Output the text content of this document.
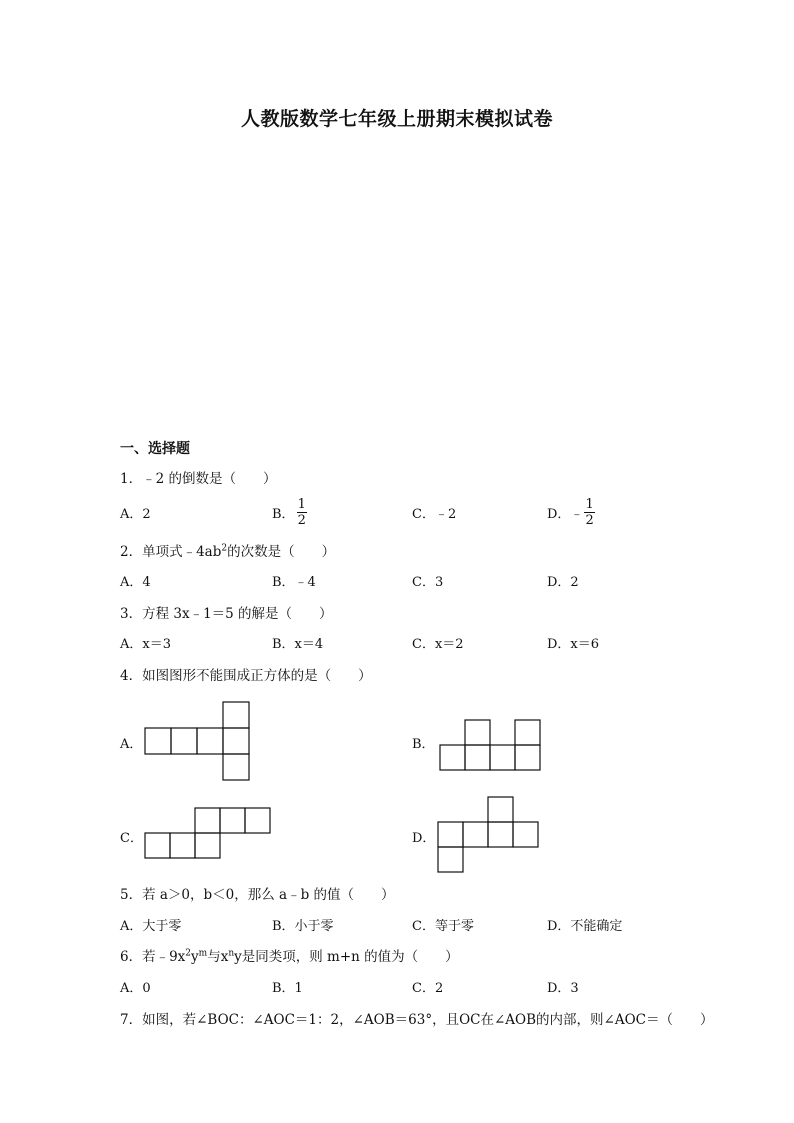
人教版数学七年级上册期末模拟试卷
一、选择题
1．﹣2 的倒数是（　　）
A．2	B． $\frac{1}{2}$	C．﹣2	D．﹣ $\frac{1}{2}$
2．单项式$﹣4ab^2$的次数是（　　）
A．4	B．﹣4	C．3	D．2
3．方程 3x﹣1＝5 的解是（　　）
A．x＝3	B．x＝4	C．x＝2	D．x＝6
4．如图图形不能围成正方体的是（　　）
A．	B．
C．	D．
5．若 a＞0，b＜0，那么 a﹣b 的值（　　）
A．大于零	B．小于零	C．等于零	D．不能确定
6．若$﹣9x^2y^m$与$x^ny$是同类项，则 m+n 的值为（　　）
A．0	B．1	C．2	D．3
7．如图，若∠BOC：∠AOC＝1：2，∠AOB＝63°，且OC在∠AOB的内部，则∠AOC＝（　　）
